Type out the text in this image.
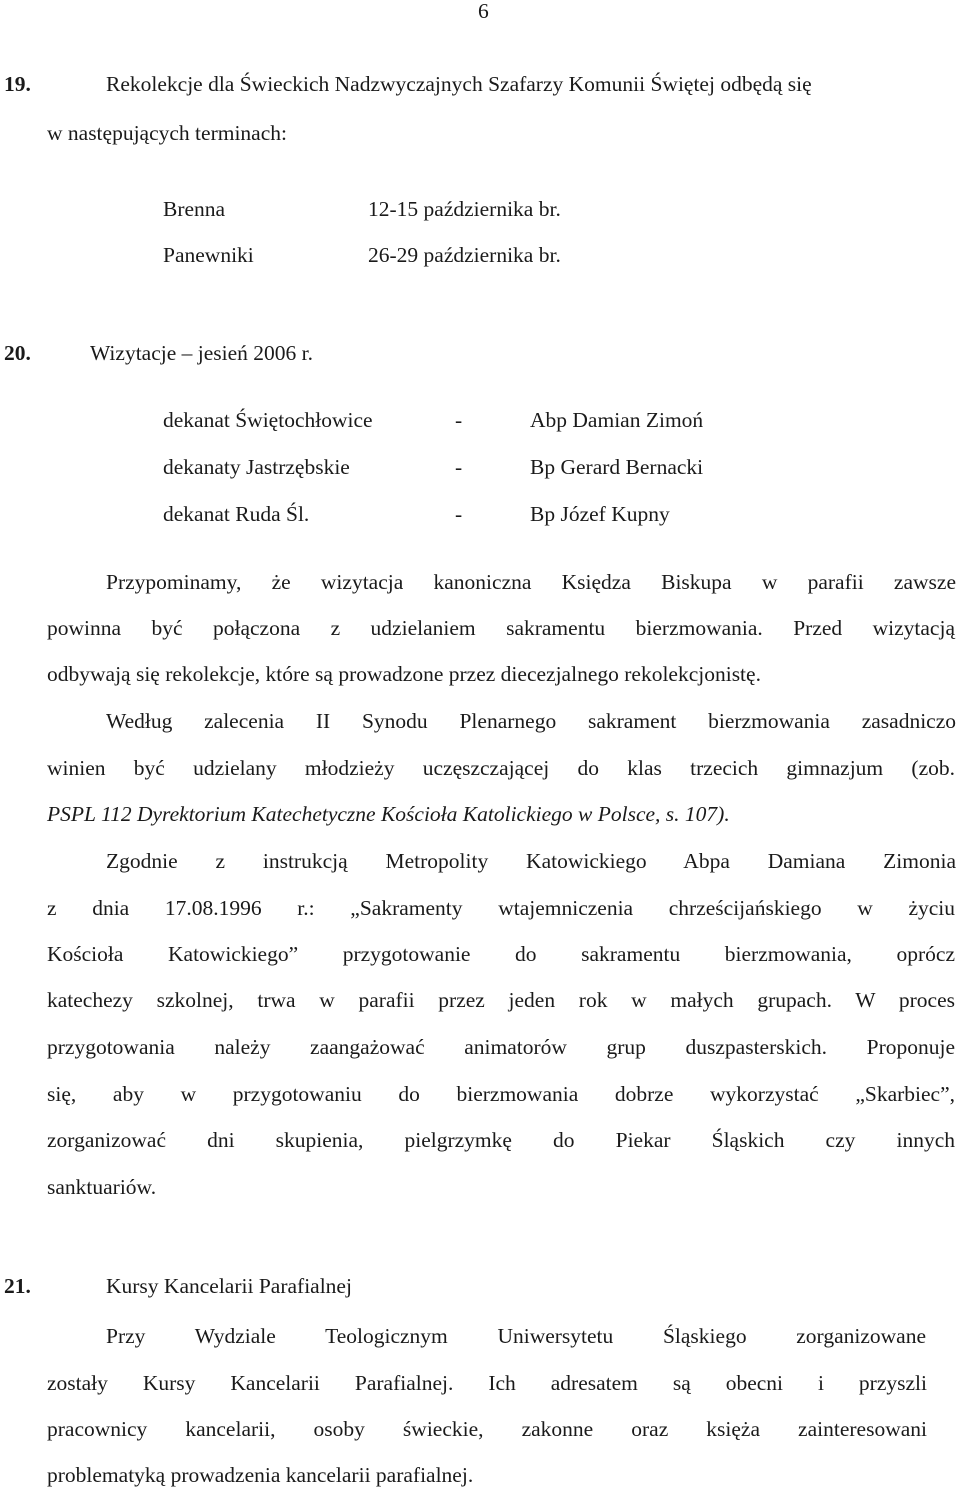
6
19.	Rekolekcje dla Świeckich Nadzwyczajnych Szafarzy Komunii Świętej odbędą się
w następujących terminach:
Brenna	12-15 października br.
Panewniki	26-29 października br.
20.	Wizytacje – jesień 2006 r.
dekanat Świętochłowice	-	Abp Damian Zimoń
dekanaty Jastrzębskie	-	Bp Gerard Bernacki
dekanat Ruda Śl.	-	Bp Józef Kupny
Przypominamy, że wizytacja kanoniczna Księdza Biskupa w parafii zawsze
powinna być połączona z udzielaniem sakramentu bierzmowania. Przed wizytacją
odbywają się rekolekcje, które są prowadzone przez diecezjalnego rekolekcjonistę.
Według zalecenia II Synodu Plenarnego sakrament bierzmowania zasadniczo
winien być udzielany młodzieży uczęszczającej do klas trzecich gimnazjum (zob.
PSPL 112 Dyrektorium Katechetyczne Kościoła Katolickiego w Polsce, s. 107).
Zgodnie z instrukcją Metropolity Katowickiego Abpa Damiana Zimonia
z dnia 17.08.1996 r.: „Sakramenty wtajemniczenia chrześcijańskiego w życiu
Kościoła Katowickiego” przygotowanie do sakramentu bierzmowania, oprócz
katechezy szkolnej, trwa w parafii przez jeden rok w małych grupach. W proces
przygotowania należy zaangażować animatorów grup duszpasterskich. Proponuje
się, aby w przygotowaniu do bierzmowania dobrze wykorzystać „Skarbiec”,
zorganizować dni skupienia, pielgrzymkę do Piekar Śląskich czy innych
sanktuariów.
21.	Kursy Kancelarii Parafialnej
Przy Wydziale Teologicznym Uniwersytetu Śląskiego zorganizowane
zostały Kursy Kancelarii Parafialnej. Ich adresatem są obecni i przyszli
pracownicy kancelarii, osoby świeckie, zakonne oraz księża zainteresowani
problematyką prowadzenia kancelarii parafialnej.
